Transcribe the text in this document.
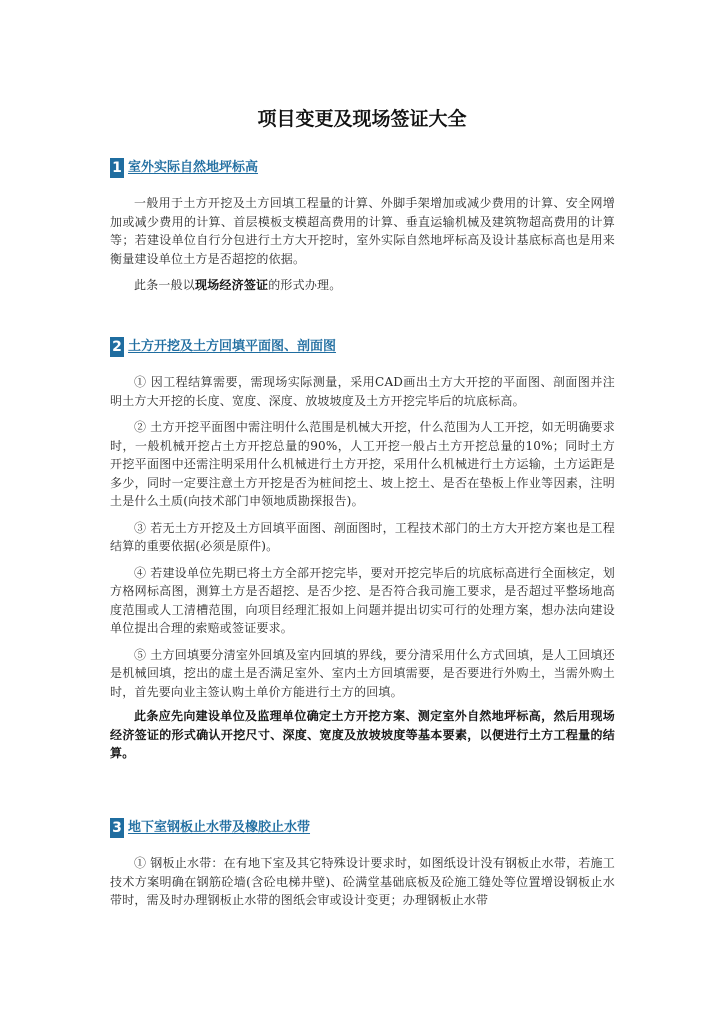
项目变更及现场签证大全
1 室外实际自然地坪标高

一般用于土方开挖及土方回填工程量的计算、外脚手架增加或减少费用的计算、安全网增加或减少费用的计算、首层模板支模超高费用的计算、垂直运输机械及建筑物超高费用的计算等；若建设单位自行分包进行土方大开挖时，室外实际自然地坪标高及设计基底标高也是用来衡量建设单位土方是否超挖的依据。

此条一般以现场经济签证的形式办理。

2 土方开挖及土方回填平面图、剖面图

① 因工程结算需要，需现场实际测量，采用CAD画出土方大开挖的平面图、剖面图并注明土方大开挖的长度、宽度、深度、放坡坡度及土方开挖完毕后的坑底标高。

② 土方开挖平面图中需注明什么范围是机械大开挖，什么范围为人工开挖，如无明确要求时，一般机械开挖占土方开挖总量的90%，人工开挖一般占土方开挖总量的10%；同时土方开挖平面图中还需注明采用什么机械进行土方开挖，采用什么机械进行土方运输，土方运距是多少，同时一定要注意土方开挖是否为桩间挖土、坡上挖土、是否在垫板上作业等因素，注明土是什么土质(向技术部门申领地质勘探报告)。

③ 若无土方开挖及土方回填平面图、剖面图时，工程技术部门的土方大开挖方案也是工程结算的重要依据(必须是原件)。

④ 若建设单位先期已将土方全部开挖完毕，要对开挖完毕后的坑底标高进行全面核定，划方格网标高图，测算土方是否超挖、是否少挖、是否符合我司施工要求，是否超过平整场地高度范围或人工清槽范围，向项目经理汇报如上问题并提出切实可行的处理方案，想办法向建设单位提出合理的索赔或签证要求。

⑤ 土方回填要分清室外回填及室内回填的界线，要分清采用什么方式回填，是人工回填还是机械回填，挖出的虚土是否满足室外、室内土方回填需要，是否要进行外购土，当需外购土时，首先要向业主签认购土单价方能进行土方的回填。

此条应先向建设单位及监理单位确定土方开挖方案、测定室外自然地坪标高，然后用现场经济签证的形式确认开挖尺寸、深度、宽度及放坡坡度等基本要素，以便进行土方工程量的结算。

3 地下室钢板止水带及橡胶止水带

① 钢板止水带：在有地下室及其它特殊设计要求时，如图纸设计没有钢板止水带，若施工技术方案明确在钢筋砼墙(含砼电梯井壁)、砼满堂基础底板及砼施工缝处等位置增设钢板止水带时，需及时办理钢板止水带的图纸会审或设计变更；办理钢板止水带
